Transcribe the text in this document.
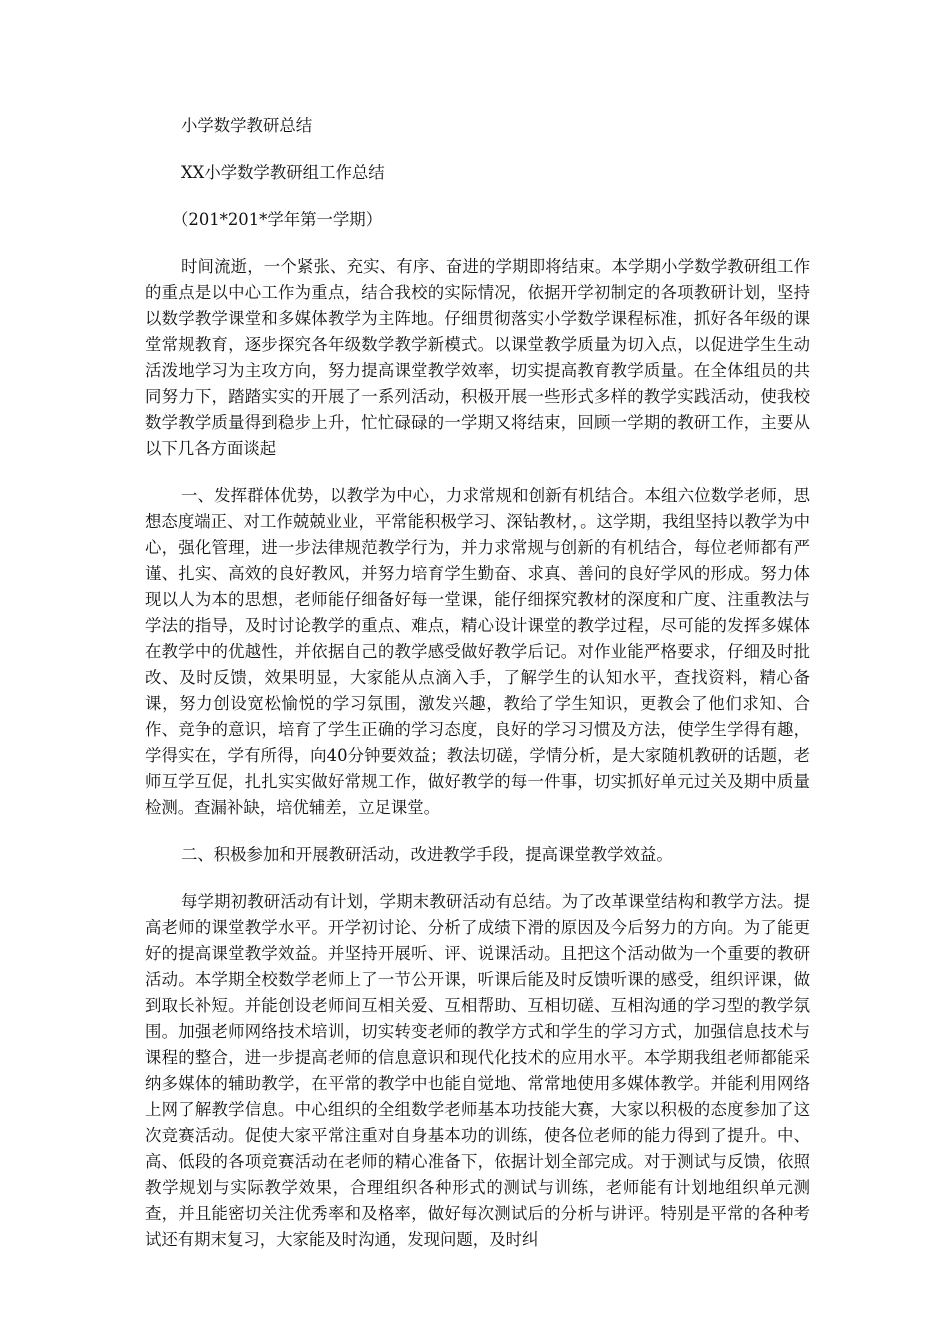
小学数学教研总结

XX小学数学教研组工作总结

（201*201*学年第一学期）

时间流逝，一个紧张、充实、有序、奋进的学期即将结束。本学期小学数学教研组工作的重点是以中心工作为重点，结合我校的实际情况，依据开学初制定的各项教研计划，坚持以数学教学课堂和多媒体教学为主阵地。仔细贯彻落实小学数学课程标准，抓好各年级的课堂常规教育，逐步探究各年级数学教学新模式。以课堂教学质量为切入点，以促进学生生动活泼地学习为主攻方向，努力提高课堂教学效率，切实提高教育教学质量。在全体组员的共同努力下，踏踏实实的开展了一系列活动，积极开展一些形式多样的教学实践活动，使我校数学教学质量得到稳步上升，忙忙碌碌的一学期又将结束，回顾一学期的教研工作，主要从以下几各方面谈起

一、发挥群体优势，以教学为中心，力求常规和创新有机结合。本组六位数学老师，思想态度端正、对工作兢兢业业，平常能积极学习、深钻教材，。这学期，我组坚持以教学为中心，强化管理，进一步法律规范教学行为，并力求常规与创新的有机结合，每位老师都有严谨、扎实、高效的良好教风，并努力培育学生勤奋、求真、善问的良好学风的形成。努力体现以人为本的思想，老师能仔细备好每一堂课，能仔细探究教材的深度和广度、注重教法与学法的指导，及时讨论教学的重点、难点，精心设计课堂的教学过程，尽可能的发挥多媒体在教学中的优越性，并依据自己的教学感受做好教学后记。对作业能严格要求，仔细及时批改、及时反馈，效果明显，大家能从点滴入手，了解学生的认知水平，查找资料，精心备课，努力创设宽松愉悦的学习氛围，激发兴趣，教给了学生知识，更教会了他们求知、合作、竞争的意识，培育了学生正确的学习态度，良好的学习习惯及方法，使学生学得有趣，学得实在，学有所得，向40分钟要效益；教法切磋，学情分析，是大家随机教研的话题，老师互学互促，扎扎实实做好常规工作，做好教学的每一件事，切实抓好单元过关及期中质量检测。查漏补缺，培优辅差，立足课堂。

二、积极参加和开展教研活动，改进教学手段，提高课堂教学效益。

每学期初教研活动有计划，学期末教研活动有总结。为了改革课堂结构和教学方法。提高老师的课堂教学水平。开学初讨论、分析了成绩下滑的原因及今后努力的方向。为了能更好的提高课堂教学效益。并坚持开展听、评、说课活动。且把这个活动做为一个重要的教研活动。本学期全校数学老师上了一节公开课，听课后能及时反馈听课的感受，组织评课，做到取长补短。并能创设老师间互相关爱、互相帮助、互相切磋、互相沟通的学习型的教学氛围。加强老师网络技术培训，切实转变老师的教学方式和学生的学习方式，加强信息技术与课程的整合，进一步提高老师的信息意识和现代化技术的应用水平。本学期我组老师都能采纳多媒体的辅助教学，在平常的教学中也能自觉地、常常地使用多媒体教学。并能利用网络上网了解教学信息。中心组织的全组数学老师基本功技能大赛，大家以积极的态度参加了这次竞赛活动。促使大家平常注重对自身基本功的训练，使各位老师的能力得到了提升。中、高、低段的各项竞赛活动在老师的精心准备下，依据计划全部完成。对于测试与反馈，依照教学规划与实际教学效果，合理组织各种形式的测试与训练，老师能有计划地组织单元测查，并且能密切关注优秀率和及格率，做好每次测试后的分析与讲评。特别是平常的各种考试还有期末复习，大家能及时沟通，发现问题，及时纠
